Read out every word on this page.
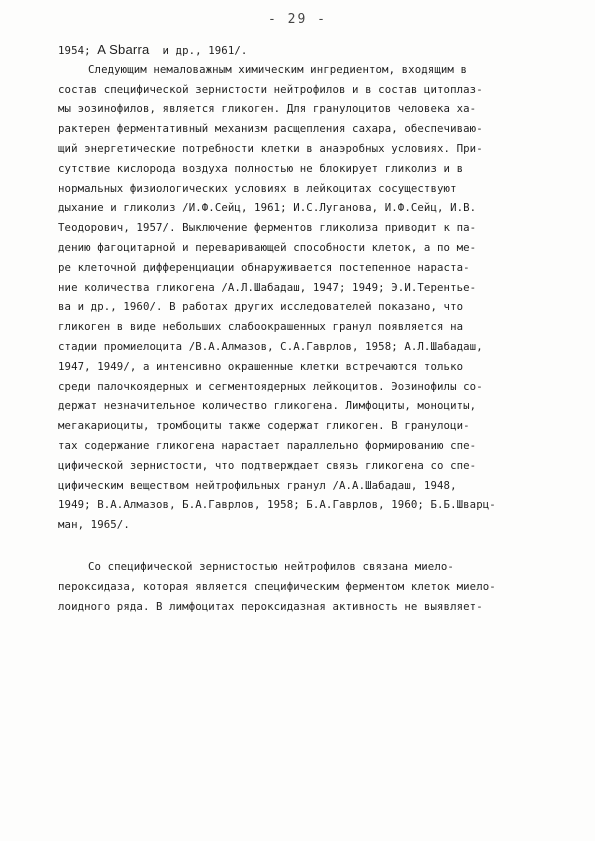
- 29 -
1954; A Sbarra  и др., 1961/.
Следующим немаловажным химическим ингредиентом, входящим в
состав специфической зернистости нейтрофилов и в состав цитоплаз-
мы эозинофилов, является гликоген. Для гранулоцитов человека ха-
рактерен ферментативный механизм расщепления сахара, обеспечиваю-
щий энергетические потребности клетки в анаэробных условиях. При-
сутствие кислорода воздуха полностью не блокирует гликолиз и в
нормальных физиологических условиях в лейкоцитах сосуществуют
дыхание и гликолиз /И.Ф.Сейц, 1961; И.С.Луганова, И.Ф.Сейц, И.В.
Теодорович, 1957/. Выключение ферментов гликолиза приводит к па-
дению фагоцитарной и переваривающей способности клеток, а по ме-
ре клеточной дифференциации обнаруживается постепенное нараста-
ние количества гликогена /А.Л.Шабадаш, 1947; 1949; Э.И.Терентье-
ва и др., 1960/. В работах других исследователей показано, что
гликоген в виде небольших слабоокрашенных гранул появляется на
стадии промиелоцита /В.А.Алмазов, С.А.Гаврлов, 1958; А.Л.Шабадаш,
1947, 1949/, а интенсивно окрашенные клетки встречаются только
среди палочкоядерных и сегментоядерных лейкоцитов. Эозинофилы со-
держат незначительное количество гликогена. Лимфоциты, моноциты,
мегакариоциты, тромбоциты также содержат гликоген. В гранулоци-
тах содержание гликогена нарастает параллельно формированию спе-
цифической зернистости, что подтверждает связь гликогена со спе-
цифическим веществом нейтрофильных гранул /А.А.Шабадаш, 1948,
1949; В.А.Алмазов, Б.А.Гаврлов, 1958; Б.А.Гаврлов, 1960; Б.Б.Шварц-
ман, 1965/.
Со специфической зернистостью нейтрофилов связана миело-
пероксидаза, которая является специфическим ферментом клеток миело-
лоидного ряда. В лимфоцитах пероксидазная активность не выявляет-
